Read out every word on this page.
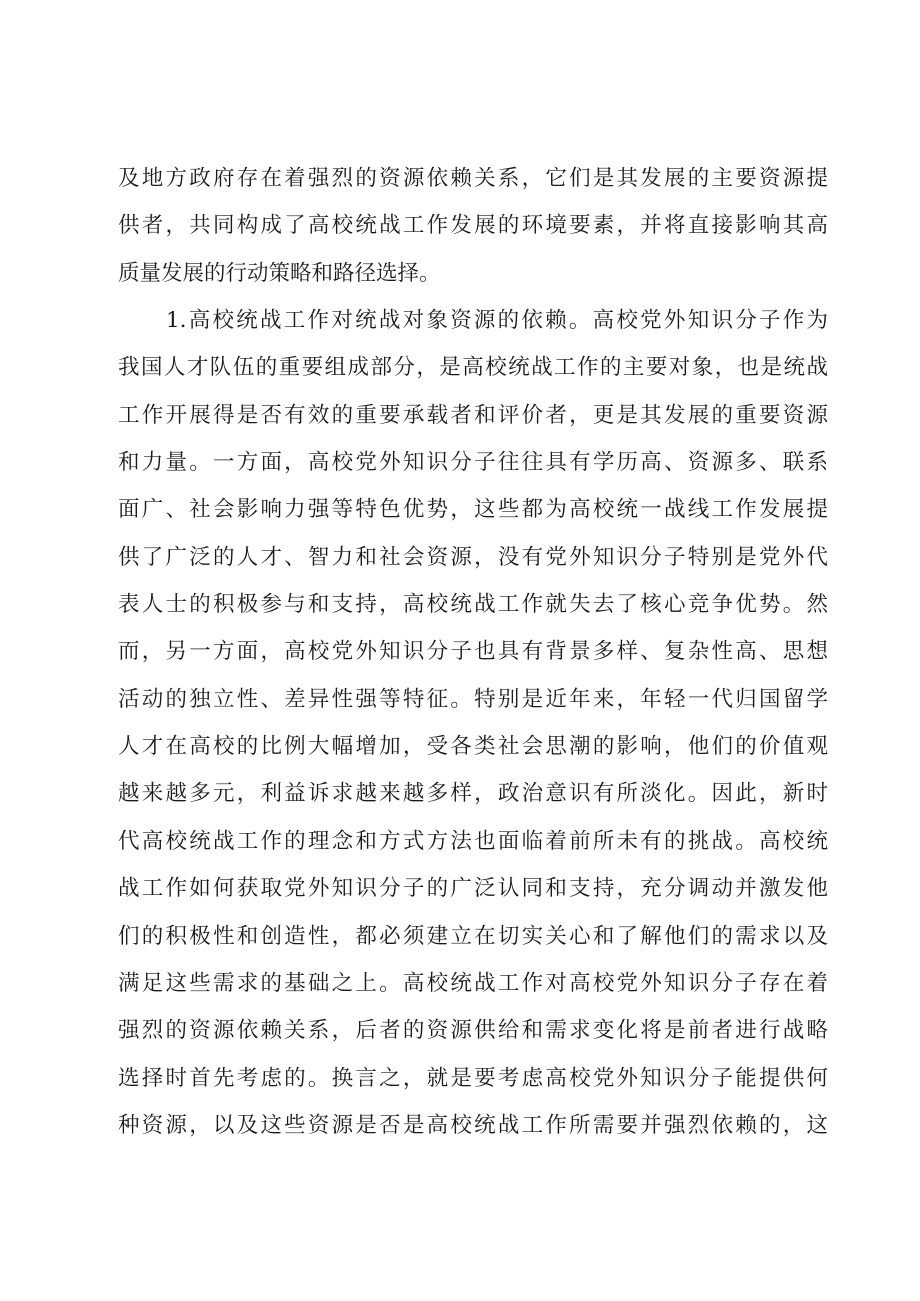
及地方政府存在着强烈的资源依赖关系，它们是其发展的主要资源提
供者，共同构成了高校统战工作发展的环境要素，并将直接影响其高
质量发展的行动策略和路径选择。
1.高校统战工作对统战对象资源的依赖。高校党外知识分子作为
我国人才队伍的重要组成部分，是高校统战工作的主要对象，也是统战
工作开展得是否有效的重要承载者和评价者，更是其发展的重要资源
和力量。一方面，高校党外知识分子往往具有学历高、资源多、联系
面广、社会影响力强等特色优势，这些都为高校统一战线工作发展提
供了广泛的人才、智力和社会资源，没有党外知识分子特别是党外代
表人士的积极参与和支持，高校统战工作就失去了核心竞争优势。然
而，另一方面，高校党外知识分子也具有背景多样、复杂性高、思想
活动的独立性、差异性强等特征。特别是近年来，年轻一代归国留学
人才在高校的比例大幅增加，受各类社会思潮的影响，他们的价值观
越来越多元，利益诉求越来越多样，政治意识有所淡化。因此，新时
代高校统战工作的理念和方式方法也面临着前所未有的挑战。高校统
战工作如何获取党外知识分子的广泛认同和支持，充分调动并激发他
们的积极性和创造性，都必须建立在切实关心和了解他们的需求以及
满足这些需求的基础之上。高校统战工作对高校党外知识分子存在着
强烈的资源依赖关系，后者的资源供给和需求变化将是前者进行战略
选择时首先考虑的。换言之，就是要考虑高校党外知识分子能提供何
种资源，以及这些资源是否是高校统战工作所需要并强烈依赖的，这
